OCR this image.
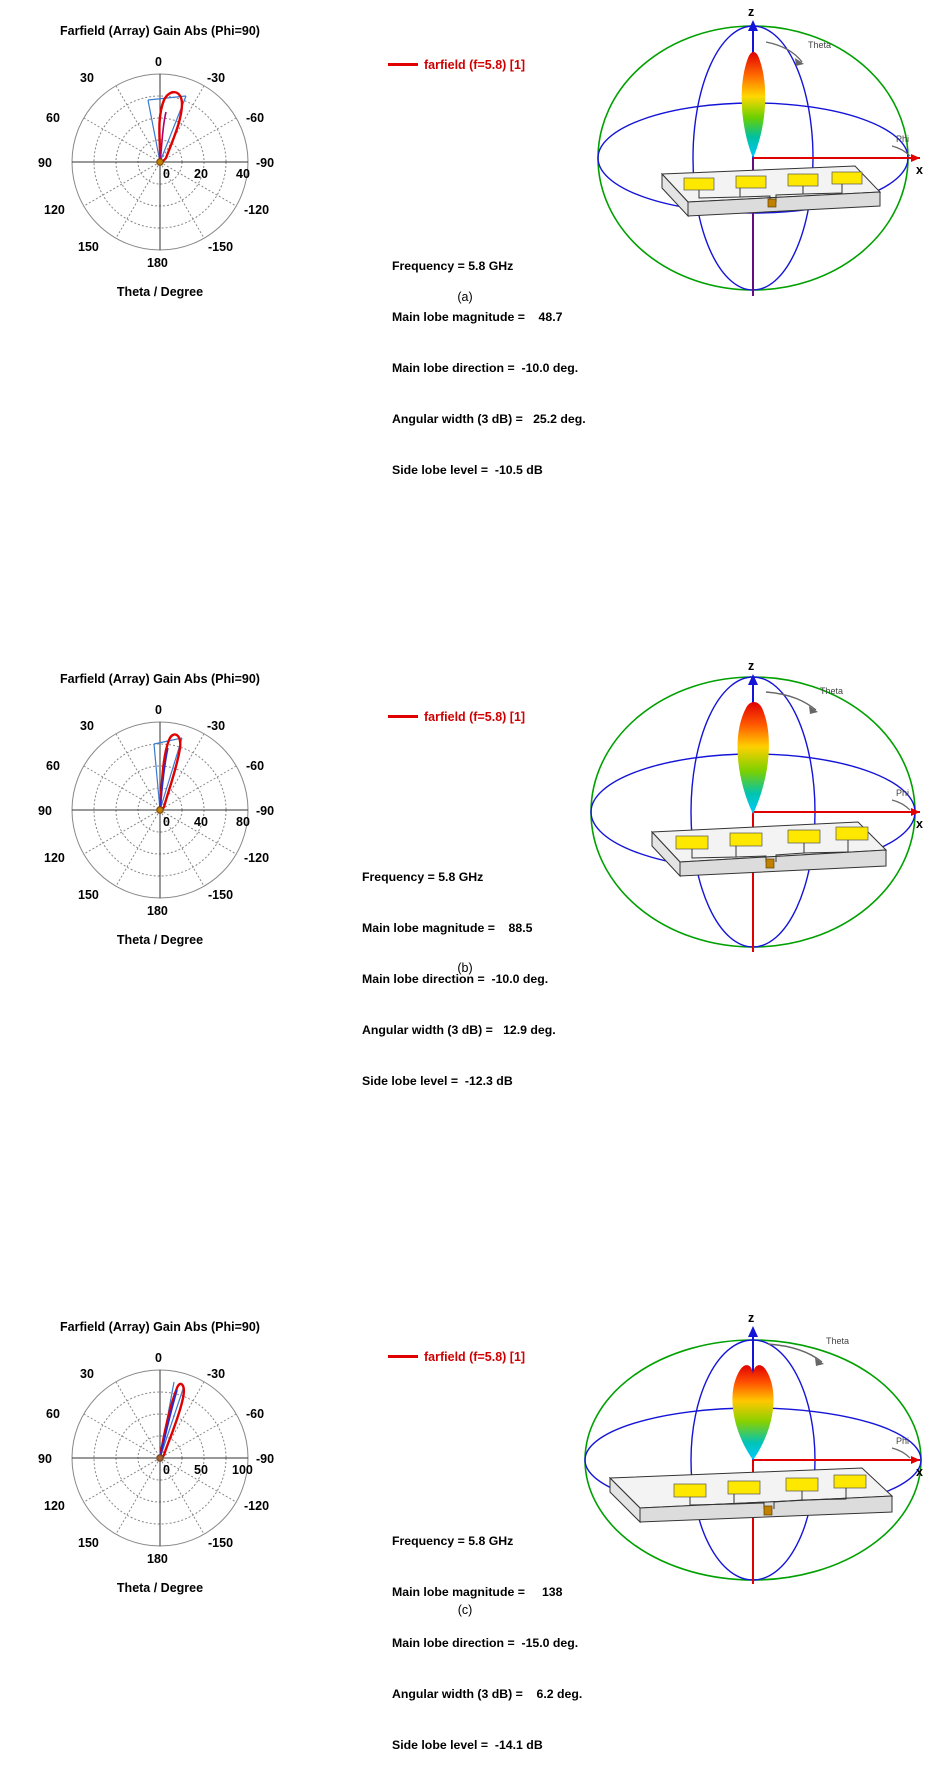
Farfield (Array) Gain Abs (Phi=90)
0 20 40
0
-30
-60
-90
-120
-150
180
150
120
90
60
30
Theta / Degree
farfield (f=5.8) [1]

Frequency = 5.8 GHz

Main lobe magnitude =    48.7

Main lobe direction =  -10.0 deg.

Angular width (3 dB) =   25.2 deg.

Side lobe level =  -10.5 dB

x
z
Theta
Phi
(a)
Farfield (Array) Gain Abs (Phi=90)
0 40 80
0
-30
-60
-90
-120
-150
180
150
120
90
60
30
Theta / Degree
farfield (f=5.8) [1]

Frequency = 5.8 GHz

Main lobe magnitude =    88.5

Main lobe direction =  -10.0 deg.

Angular width (3 dB) =   12.9 deg.

Side lobe level =  -12.3 dB

x
z
Theta
Phi
(b)
Farfield (Array) Gain Abs (Phi=90)
0 50 100
0
-30
-60
-90
-120
-150
180
150
120
90
60
30
Theta / Degree
farfield (f=5.8) [1]

Frequency = 5.8 GHz

Main lobe magnitude =     138

Main lobe direction =  -15.0 deg.

Angular width (3 dB) =    6.2 deg.

Side lobe level =  -14.1 dB

x
z
Theta
Phi
(c)
